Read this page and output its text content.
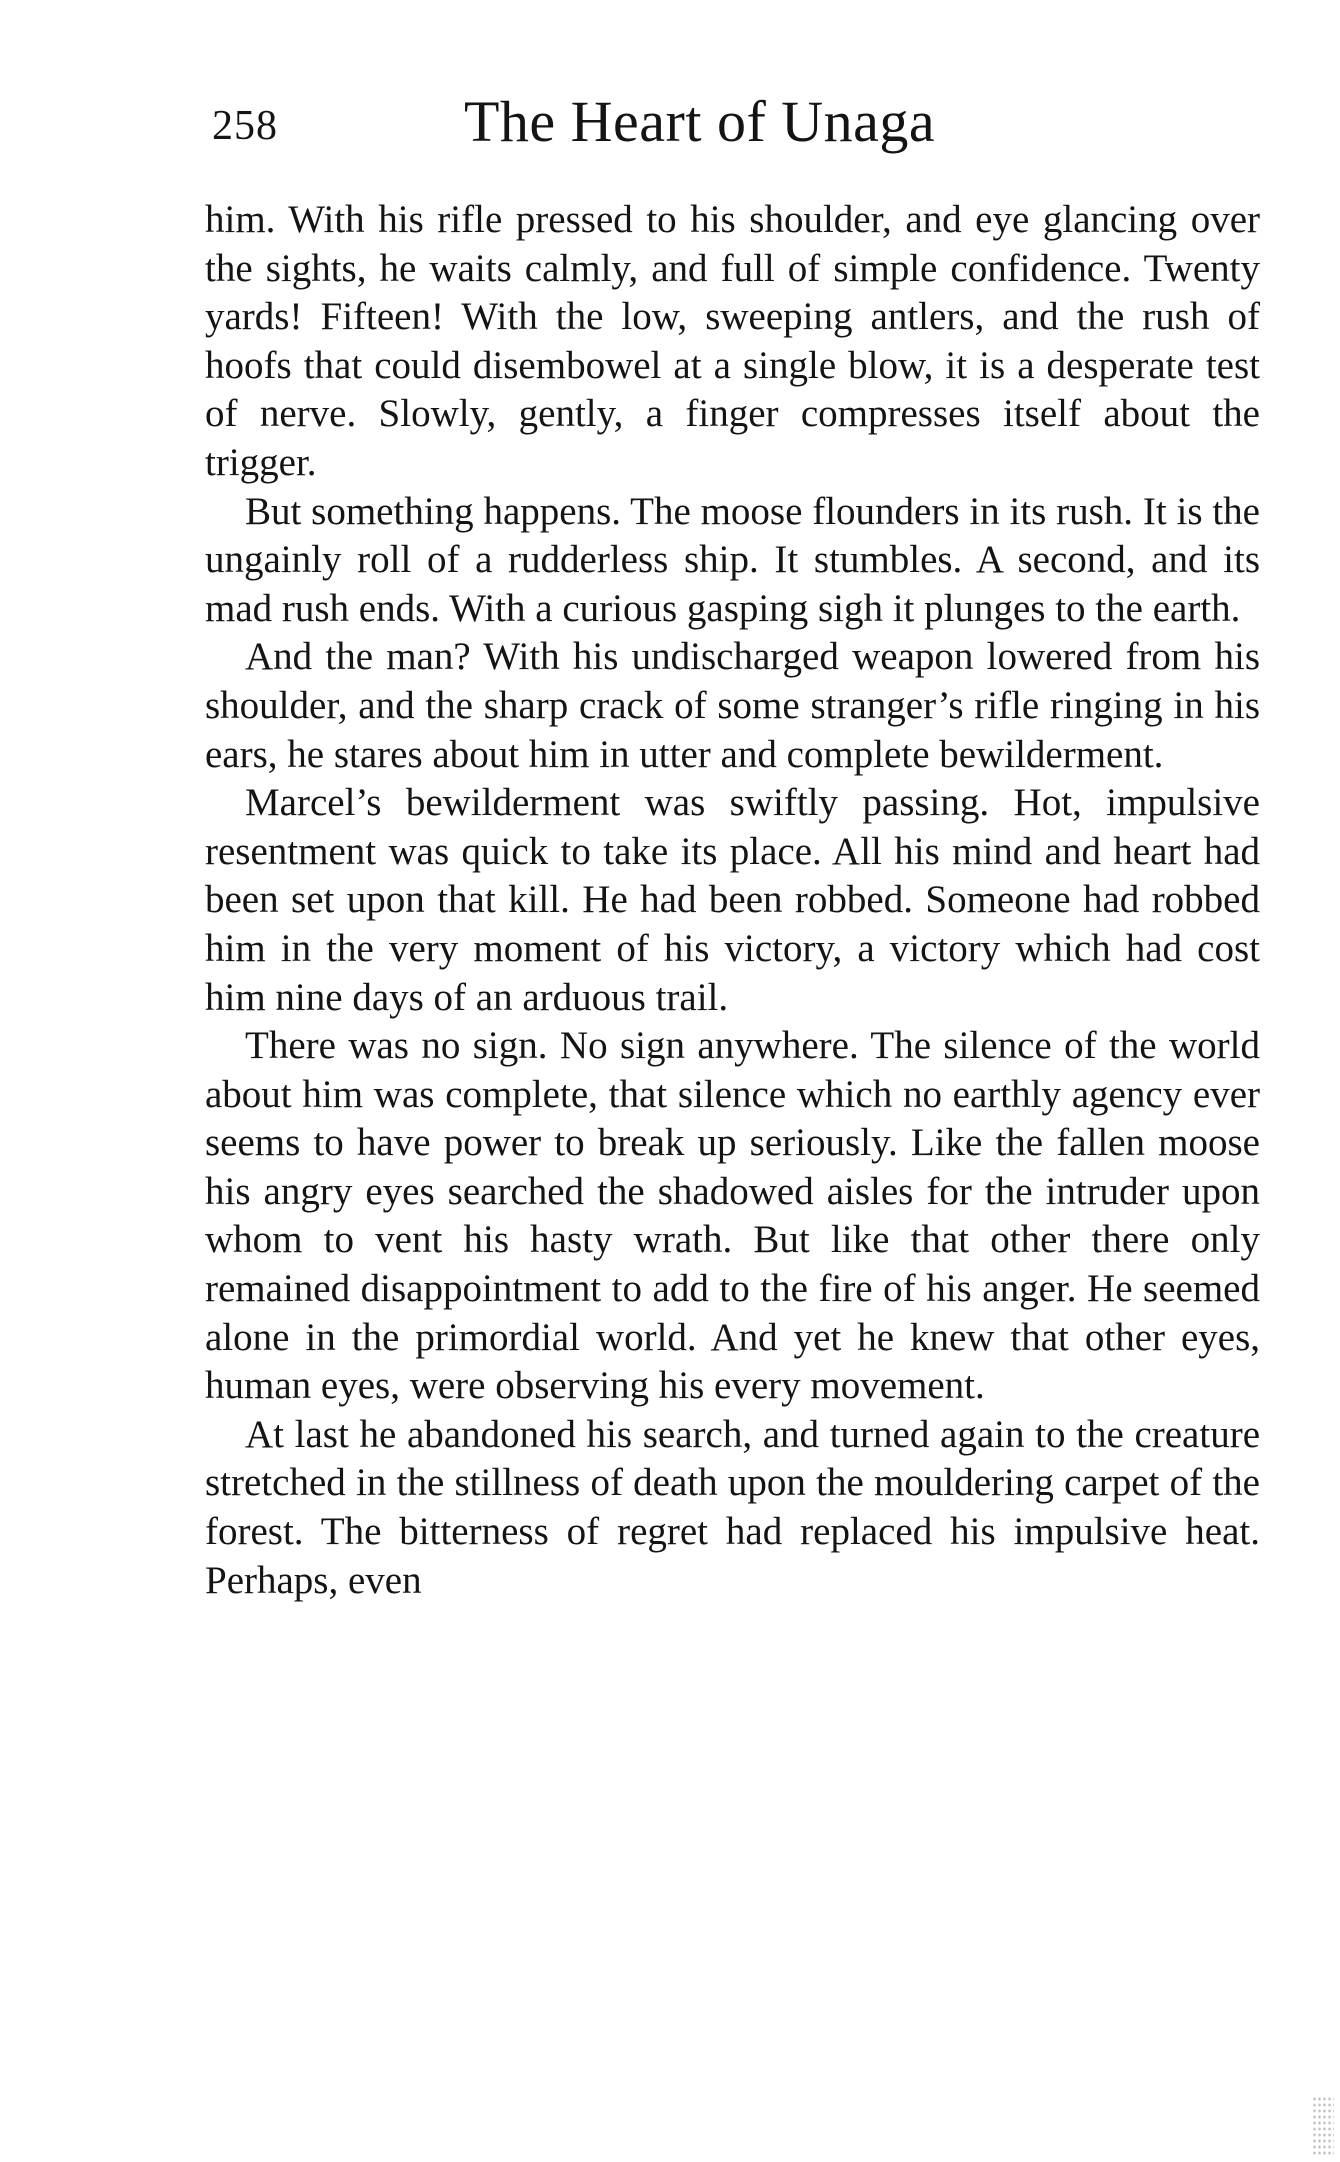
258	The Heart of Unaga

him. With his rifle pressed to his shoulder, and eye glancing over the sights, he waits calmly, and full of simple confidence. Twenty yards! Fifteen! With the low, sweeping antlers, and the rush of hoofs that could disembowel at a single blow, it is a desperate test of nerve. Slowly, gently, a finger compresses itself about the trigger.

But something happens. The moose flounders in its rush. It is the ungainly roll of a rudderless ship. It stumbles. A second, and its mad rush ends. With a curious gasping sigh it plunges to the earth.

And the man? With his undischarged weapon lowered from his shoulder, and the sharp crack of some stranger’s rifle ringing in his ears, he stares about him in utter and complete bewilderment.

Marcel’s bewilderment was swiftly passing. Hot, impulsive resentment was quick to take its place. All his mind and heart had been set upon that kill. He had been robbed. Someone had robbed him in the very moment of his victory, a victory which had cost him nine days of an arduous trail.

There was no sign. No sign anywhere. The silence of the world about him was complete, that silence which no earthly agency ever seems to have power to break up seriously. Like the fallen moose his angry eyes searched the shadowed aisles for the intruder upon whom to vent his hasty wrath. But like that other there only remained disappointment to add to the fire of his anger. He seemed alone in the primordial world. And yet he knew that other eyes, human eyes, were observing his every movement.

At last he abandoned his search, and turned again to the creature stretched in the stillness of death upon the mouldering carpet of the forest. The bitterness of regret had replaced his impulsive heat. Perhaps, even
